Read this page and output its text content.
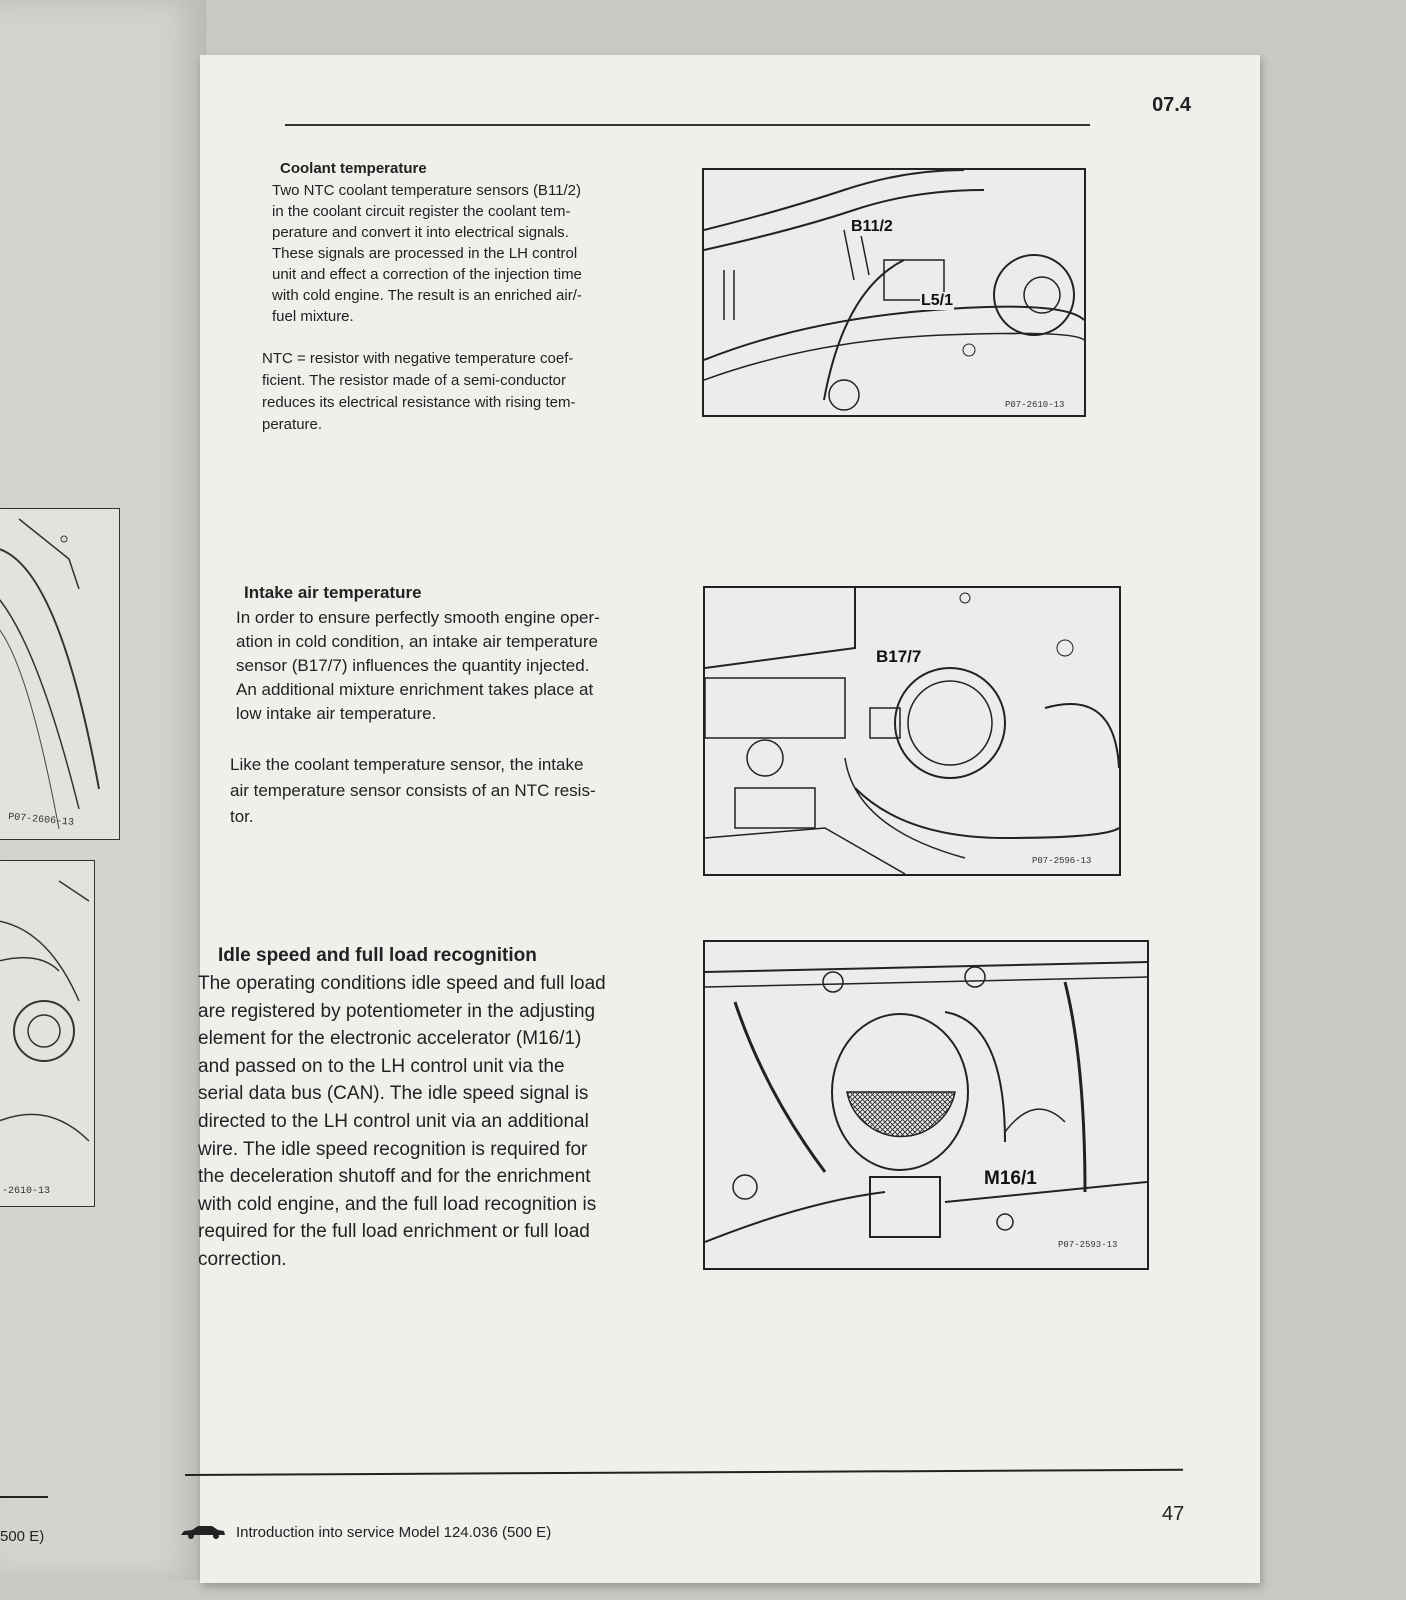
P07-2606-13
-2610-13
500 E)
07.4
Coolant temperature
Two NTC coolant temperature sensors (B11/2)
in the coolant circuit register the coolant tem-
perature and convert it into electrical signals.
These signals are processed in the LH control
unit and effect a correction of the injection time
with cold engine. The result is an enriched air/-
fuel mixture.
NTC = resistor with negative temperature coef-
ficient. The resistor made of a semi-conductor
reduces its electrical resistance with rising tem-
perature.
B11/2
L5/1
P07-2610-13
Intake air temperature
In order to ensure perfectly smooth engine oper-
ation in cold condition, an intake air temperature
sensor (B17/7) influences the quantity injected.
An additional mixture enrichment takes place at
low intake air temperature.
Like the coolant temperature sensor, the intake
air temperature sensor consists of an NTC resis-
tor.
B17/7
P07-2596-13
Idle speed and full load recognition
The operating conditions idle speed and full load
are registered by potentiometer in the adjusting
element for the electronic accelerator (M16/1)
and passed on to the LH control unit via the
serial data bus (CAN). The idle speed signal is
directed to the LH control unit via an additional
wire. The idle speed recognition is required for
the deceleration shutoff and for the enrichment
with cold engine, and the full load recognition is
required for the full load enrichment or full load
correction.
M16/1
P07-2593-13
Introduction into service Model 124.036 (500 E)
47
